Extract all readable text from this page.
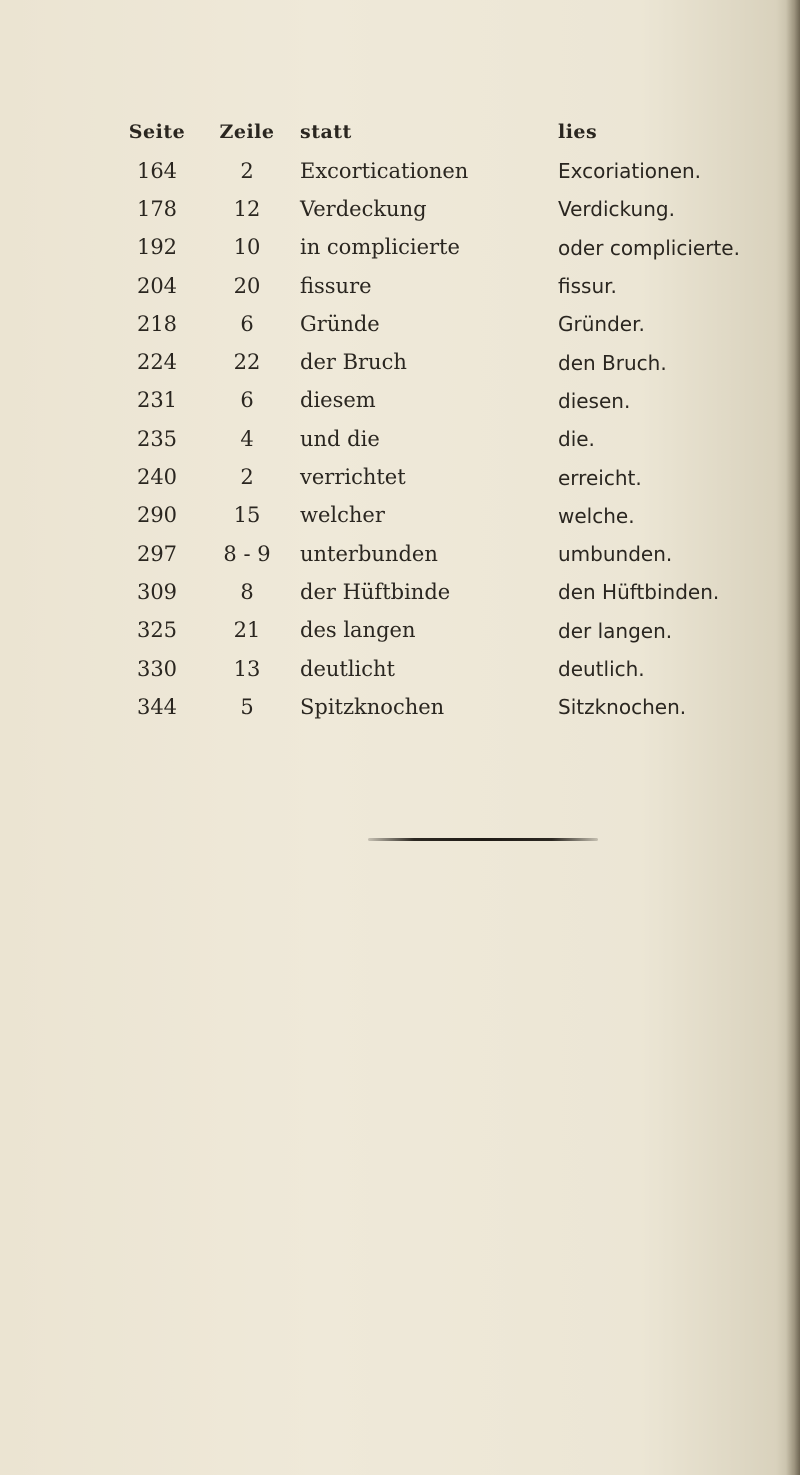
Seite	Zeile	statt	lies
164	2	Excorticationen	Excoriationen.
178	12	Verdeckung	Verdickung.
192	10	in complicierte	oder complicierte.
204	20	fissure	fissur.
218	6	Gründe	Gründer.
224	22	der Bruch	den Bruch.
231	6	diesem	diesen.
235	4	und die	die.
240	2	verrichtet	erreicht.
290	15	welcher	welche.
297	8 - 9	unterbunden	umbunden.
309	8	der Hüftbinde	den Hüftbinden.
325	21	des langen	der langen.
330	13	deutlicht	deutlich.
344	5	Spitzknochen	Sitzknochen.
